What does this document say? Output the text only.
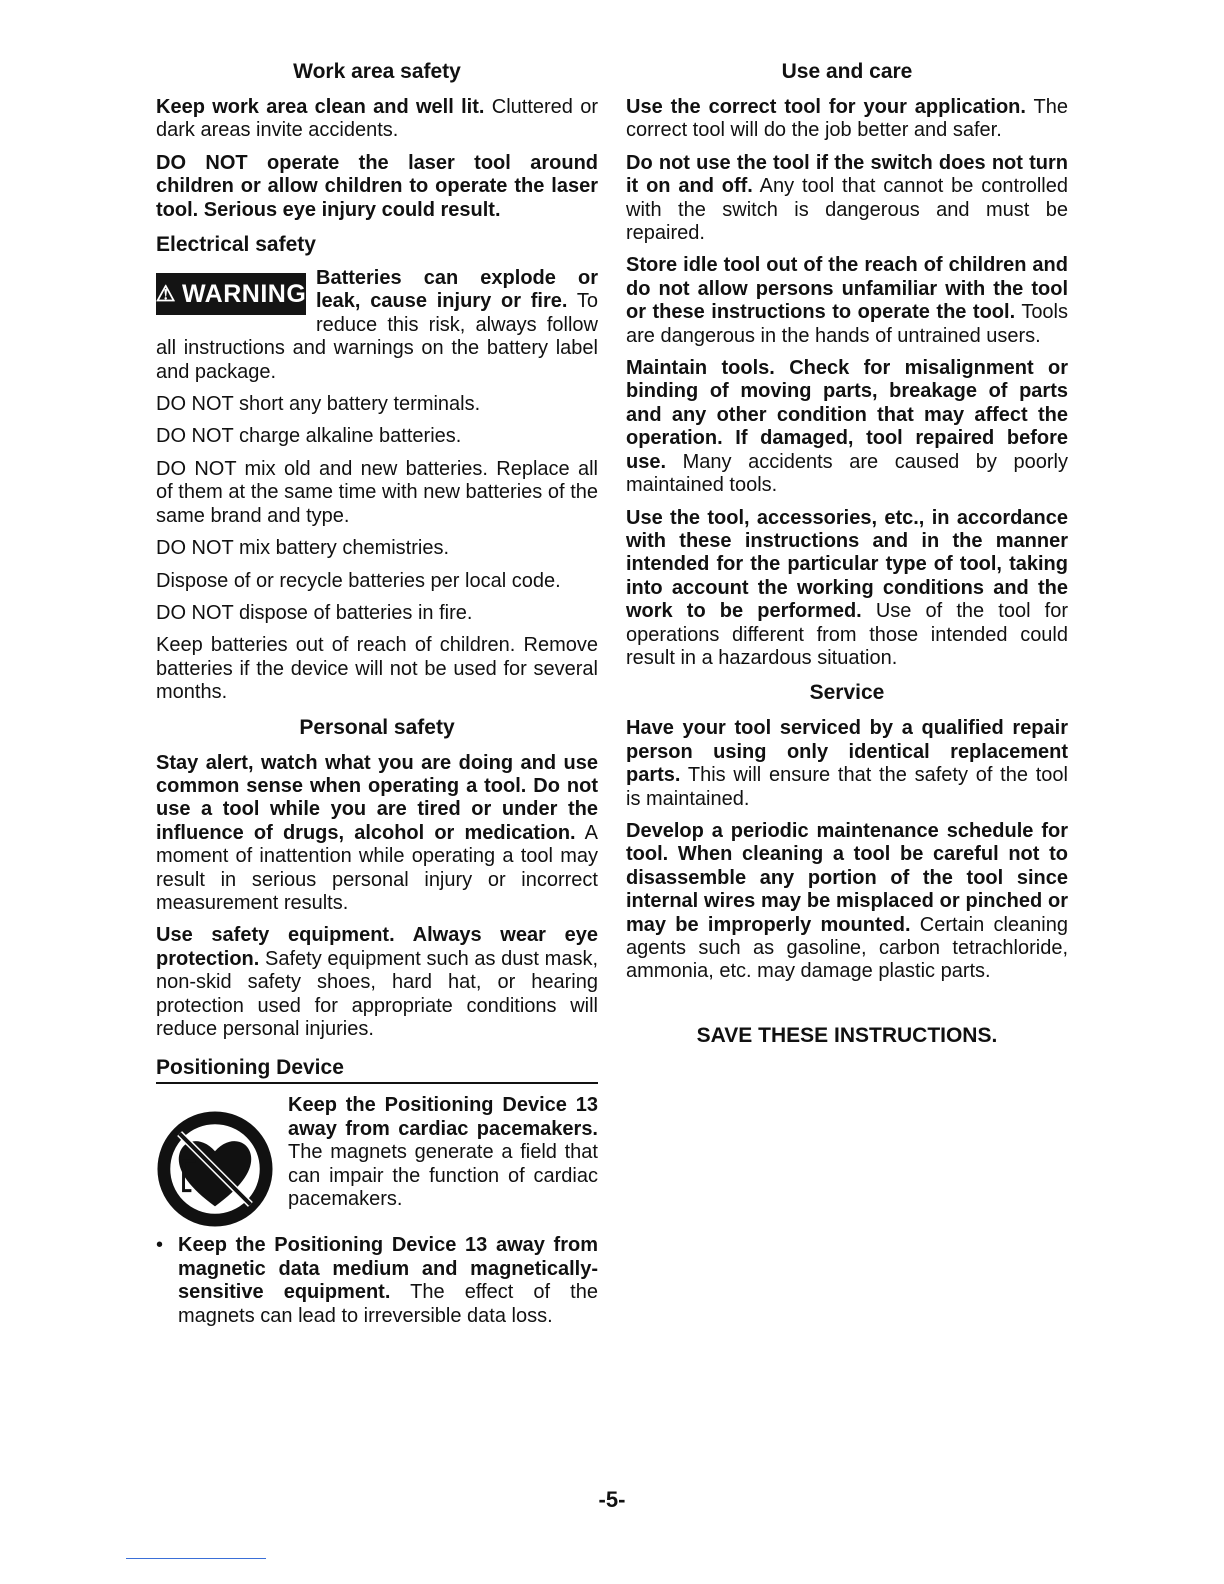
Work area safety

Keep work area clean and well lit. Cluttered or dark areas invite accidents.

DO NOT operate the laser tool around children or allow children to operate the laser tool. Serious eye injury could result.

Electrical safety
⚠ WARNING

Batteries can explode or leak, cause injury or fire. To reduce this risk, always follow all instructions and warnings on the battery label and package.

DO NOT short any battery terminals.

DO NOT charge alkaline batteries.

DO NOT mix old and new batteries. Replace all of them at the same time with new batteries of the same brand and type.

DO NOT mix battery chemistries.

Dispose of or recycle batteries per local code.

DO NOT dispose of batteries in fire.

Keep batteries out of reach of children. Remove batteries if the device will not be used for several months.

Personal safety

Stay alert, watch what you are doing and use common sense when operating a tool. Do not use a tool while you are tired or under the influence of drugs, alcohol or medication. A moment of inattention while operating a tool may result in serious personal injury or incorrect measurement results.

Use safety equipment. Always wear eye protection. Safety equipment such as dust mask, non-skid safety shoes, hard hat, or hearing protection used for appropriate conditions will reduce personal injuries.

Positioning Device

Keep the Positioning Device 13 away from cardiac pacemakers. The magnets generate a field that can impair the function of cardiac pacemakers.

• Keep the Positioning Device 13 away from magnetic data medium and magnetically-sensitive equipment. The effect of the magnets can lead to irreversible data loss.

Use and care

Use the correct tool for your application. The correct tool will do the job better and safer.

Do not use the tool if the switch does not turn it on and off. Any tool that cannot be controlled with the switch is dangerous and must be repaired.

Store idle tool out of the reach of children and do not allow persons unfamiliar with the tool or these instructions to operate the tool. Tools are dangerous in the hands of untrained users.

Maintain tools. Check for misalignment or binding of moving parts, breakage of parts and any other condition that may affect the operation. If damaged, tool repaired before use. Many accidents are caused by poorly maintained tools.

Use the tool, accessories, etc., in accordance with these instructions and in the manner intended for the particular type of tool, taking into account the working conditions and the work to be performed. Use of the tool for operations different from those intended could result in a hazardous situation.

Service

Have your tool serviced by a qualified repair person using only identical replacement parts. This will ensure that the safety of the tool is maintained.

Develop a periodic maintenance schedule for tool. When cleaning a tool be careful not to disassemble any portion of the tool since internal wires may be misplaced or pinched or may be improperly mounted. Certain cleaning agents such as gasoline, carbon tetrachloride, ammonia, etc. may damage plastic parts.

SAVE THESE INSTRUCTIONS.
-5-
